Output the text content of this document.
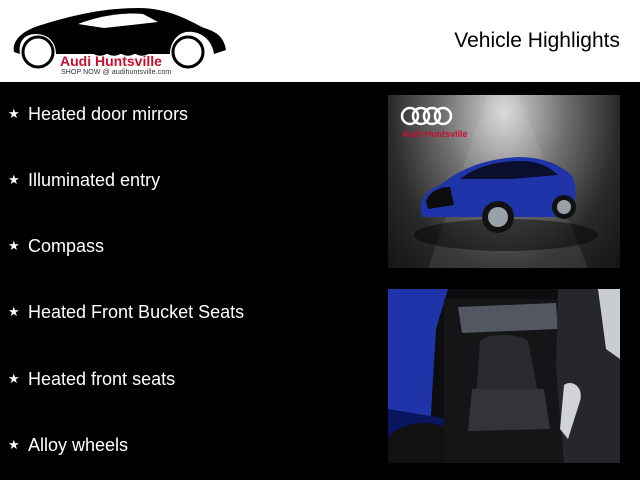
Audi Huntsville
SHOP NOW @ audihuntsville.com
Vehicle Highlights
★ Heated door mirrors
★ Illuminated entry
★ Compass
★ Heated Front Bucket Seats
★ Heated front seats
★ Alloy wheels
Audi Huntsville
